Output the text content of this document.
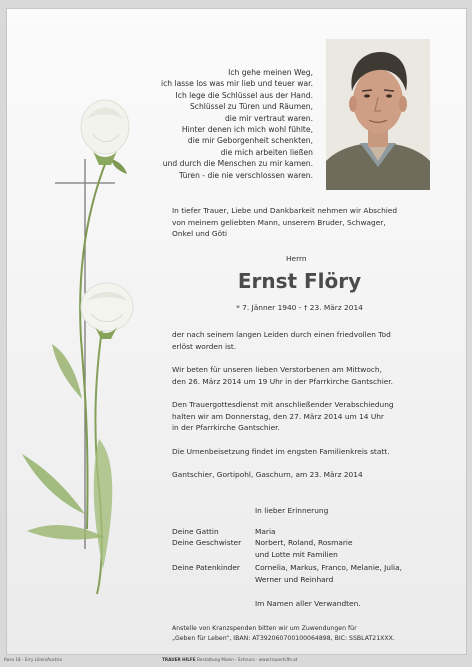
Ich gehe meinen Weg,
ich lasse los was mir lieb und teuer war.
Ich lege die Schlüssel aus der Hand.
Schlüssel zu Türen und Räumen,
die mir vertraut waren.
Hinter denen ich mich wohl fühlte,
die mir Geborgenheit schenkten,
die mich arbeiten ließen
und durch die Menschen zu mir kamen.
Türen - die nie verschlossen waren.
In tiefer Trauer, Liebe und Dankbarkeit nehmen wir Abschied
von meinem geliebten Mann, unserem Bruder, Schwager,
Onkel und Göti
Herrn
Ernst Flöry
* 7. Jänner 1940 - † 23. März 2014
der nach seinem langen Leiden durch einen friedvollen Tod
erlöst worden ist.
Wir beten für unseren lieben Verstorbenen am Mittwoch,
den 26. März 2014 um 19 Uhr in der Pfarrkirche Gantschier.
Den Trauergottesdienst mit anschließender Verabschiedung
halten wir am Donnerstag, den 27. März 2014 um 14 Uhr
in der Pfarrkirche Gantschier.
Die Urnenbeisetzung findet im engsten Familienkreis statt.
Gantschier, Gortipohl, Gaschurn, am 23. März 2014
In lieber Erinnerung
Deine Gattin	Maria
Deine Geschwister Norbert, Roland, Rosmarie
und Lotte mit Familien
Deine Patenkinder Cornelia, Markus, Franco, Melanie, Julia,
Werner und Reinhard
Im Namen aller Verwandten.
Anstelle von Kranzspenden bitten wir um Zuwendungen für
„Geben für Leben“, IBAN: AT392060700100064898, BIC: SSBLAT21XXX.
Rose 18 - Erry Lilien/Austria	TRAUER HILFE Bestattung Moein · Schruns · www.trauerhilfe.at
